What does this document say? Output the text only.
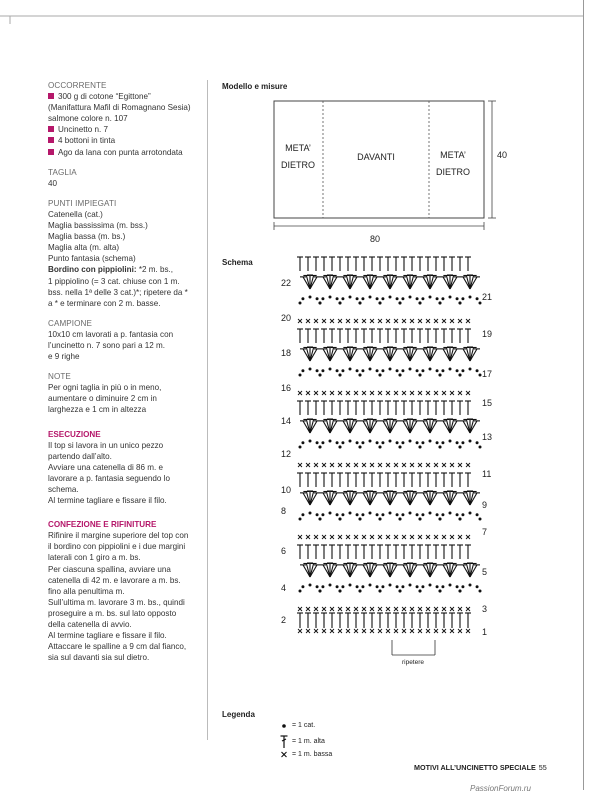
OCCORRENTE
300 g di cotone “Egittone”
(Manifattura Mafil di Romagnano Sesia)
salmone colore n. 107
Uncinetto n. 7
4 bottoni in tinta
Ago da lana con punta arrotondata
TAGLIA
40
PUNTI IMPIEGATI
Catenella (cat.)
Maglia bassissima (m. bss.)
Maglia bassa (m. bs.)
Maglia alta (m. alta)
Punto fantasia (schema)
Bordino con pippiolini: *2 m. bs.,
1 pippiolino (= 3 cat. chiuse con 1 m.
bss. nella 1ª delle 3 cat.)*; ripetere da *
a * e terminare con 2 m. basse.
CAMPIONE
10x10 cm lavorati a p. fantasia con
l’uncinetto n. 7 sono pari a 12 m.
e 9 righe
NOTE
Per ogni taglia in più o in meno,
aumentare o diminuire 2 cm in
larghezza e 1 cm in altezza
ESECUZIONE
Il top si lavora in un unico pezzo
partendo dall’alto.
Avviare una catenella di 86 m. e
lavorare a p. fantasia seguendo lo
schema.
Al termine tagliare e fissare il filo.
CONFEZIONE E RIFINITURE
Rifinire il margine superiore del top con
il bordino con pippiolini e i due margini
laterali con 1 giro a m. bs.
Per ciascuna spallina, avviare una
catenella di 42 m. e lavorare a m. bs.
fino alla penultima m.
Sull’ultima m. lavorare 3 m. bs., quindi
proseguire a m. bs. sul lato opposto
della catenella di avvio.
Al termine tagliare e fissare il filo.
Attaccare le spalline a 9 cm dal fianco,
sia sul davanti sia sul dietro.
Modello e misure
META’
DIETRO
DAVANTI	META’
DIETRO
40
80
Schema
22
20
18
16
14
12
10
8
6
4
2
21
19
17
15
13
11
9
7
5
3
1
ripetere
Legenda
= 1 cat.
= 1 m. alta
= 1 m. bassa
MOTIVI ALL’UNCINETTO SPECIALE 55
PassionForum.ru
